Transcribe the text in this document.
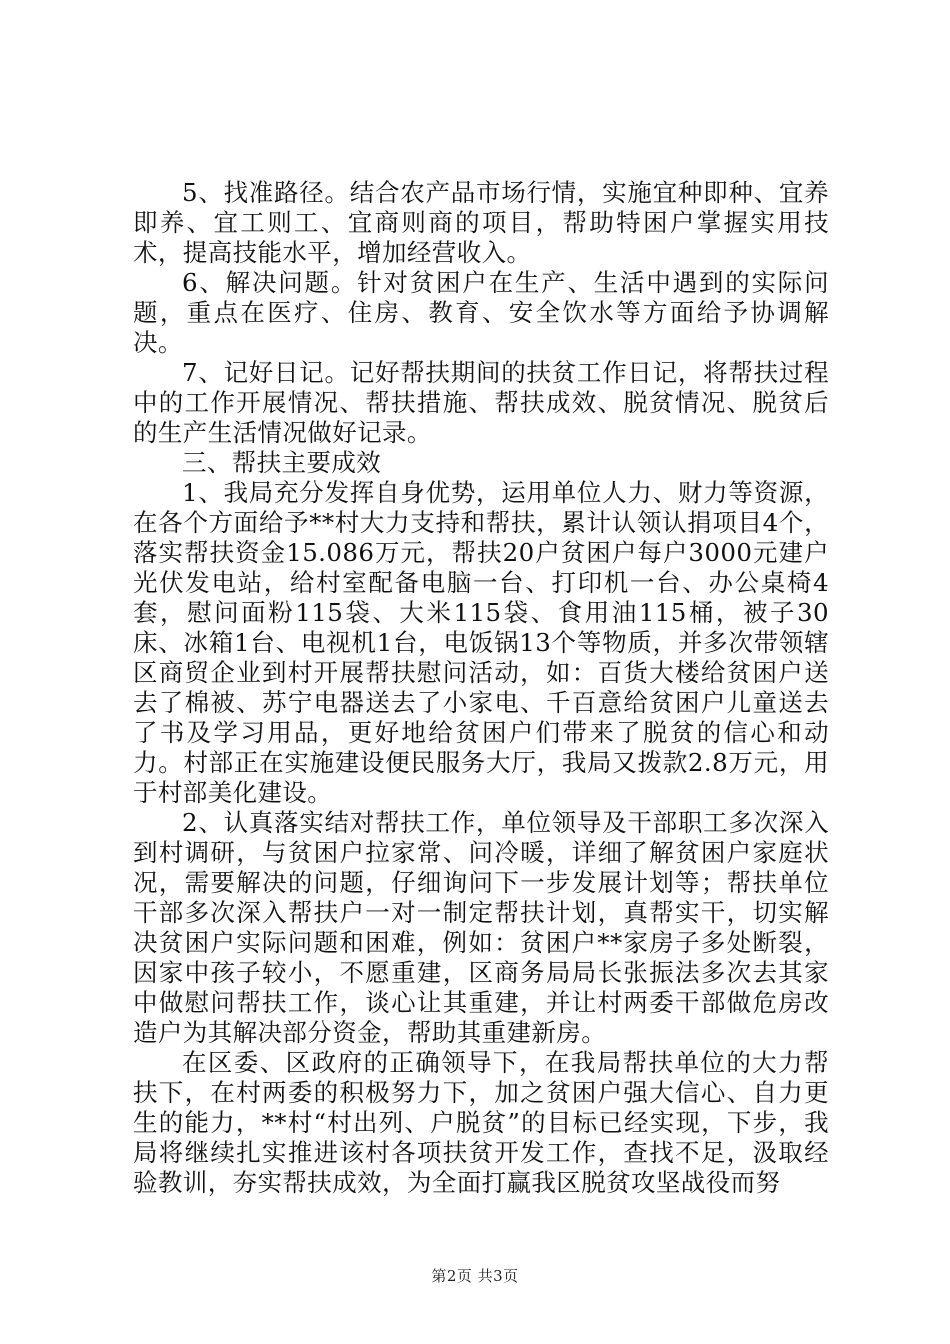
5、找准路径。结合农产品市场行情，实施宜种即种、宜养即养、宜工则工、宜商则商的项目，帮助特困户掌握实用技术，提高技能水平，增加经营收入。

6、解决问题。针对贫困户在生产、生活中遇到的实际问题，重点在医疗、住房、教育、安全饮水等方面给予协调解决。

7、记好日记。记好帮扶期间的扶贫工作日记，将帮扶过程中的工作开展情况、帮扶措施、帮扶成效、脱贫情况、脱贫后的生产生活情况做好记录。

三、帮扶主要成效

1、我局充分发挥自身优势，运用单位人力、财力等资源，在各个方面给予**村大力支持和帮扶，累计认领认捐项目4个，落实帮扶资金15.086万元，帮扶20户贫困户每户3000元建户光伏发电站，给村室配备电脑一台、打印机一台、办公桌椅4套，慰问面粉115袋、大米115袋、食用油115桶，被子30床、冰箱1台、电视机1台，电饭锅13个等物质，并多次带领辖区商贸企业到村开展帮扶慰问活动，如：百货大楼给贫困户送去了棉被、苏宁电器送去了小家电、千百意给贫困户儿童送去了书及学习用品，更好地给贫困户们带来了脱贫的信心和动力。村部正在实施建设便民服务大厅，我局又拨款2.8万元，用于村部美化建设。

2、认真落实结对帮扶工作，单位领导及干部职工多次深入到村调研，与贫困户拉家常、问冷暖，详细了解贫困户家庭状况，需要解决的问题，仔细询问下一步发展计划等；帮扶单位干部多次深入帮扶户一对一制定帮扶计划，真帮实干，切实解决贫困户实际问题和困难，例如：贫困户**家房子多处断裂，因家中孩子较小，不愿重建，区商务局局长张振法多次去其家中做慰问帮扶工作，谈心让其重建，并让村两委干部做危房改造户为其解决部分资金，帮助其重建新房。

在区委、区政府的正确领导下，在我局帮扶单位的大力帮扶下，在村两委的积极努力下，加之贫困户强大信心、自力更生的能力，**村“村出列、户脱贫”的目标已经实现，下步，我局将继续扎实推进该村各项扶贫开发工作，查找不足，汲取经验教训，夯实帮扶成效，为全面打赢我区脱贫攻坚战役而努

第2页 共3页
